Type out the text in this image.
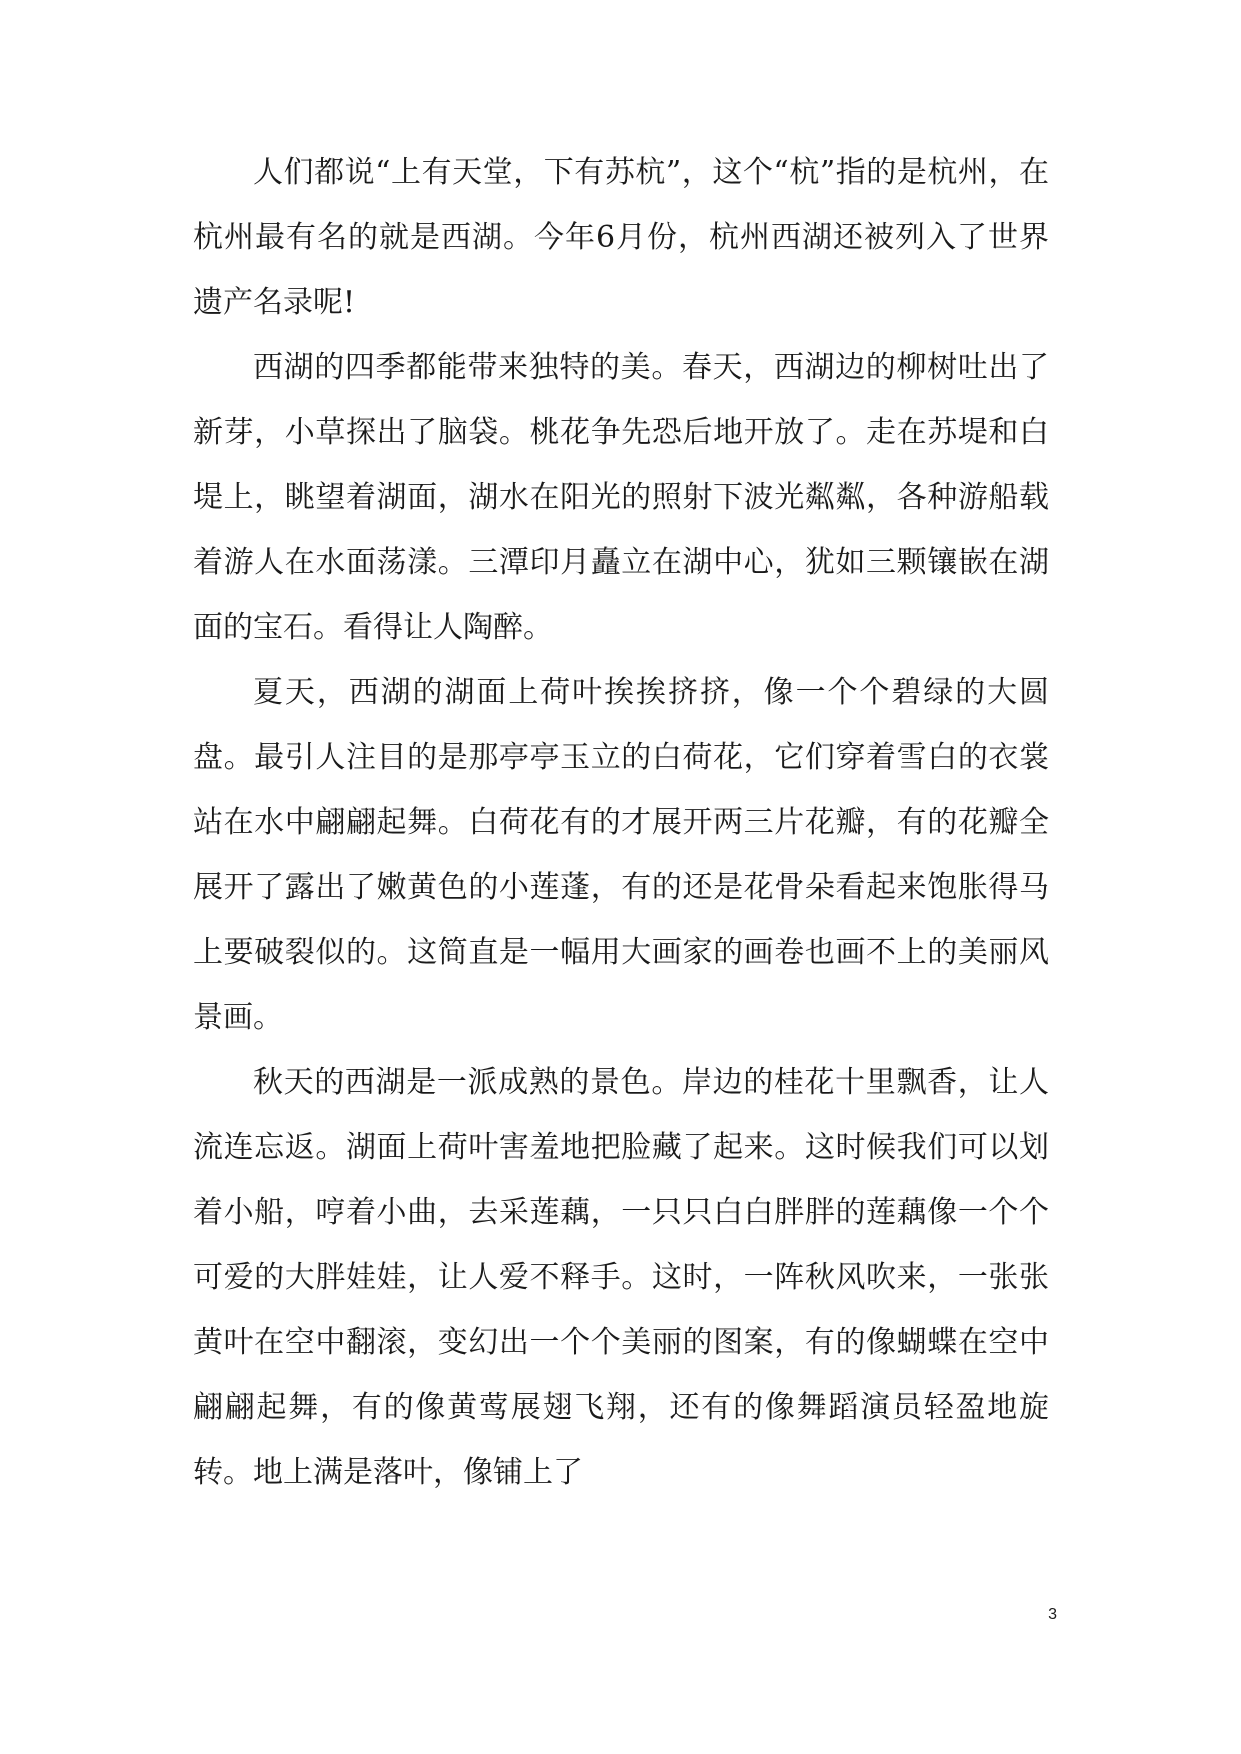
人们都说“上有天堂，下有苏杭”，这个“杭”指的是杭州，在杭州最有名的就是西湖。今年6月份，杭州西湖还被列入了世界遗产名录呢!

西湖的四季都能带来独特的美。春天，西湖边的柳树吐出了新芽，小草探出了脑袋。桃花争先恐后地开放了。走在苏堤和白堤上，眺望着湖面，湖水在阳光的照射下波光粼粼，各种游船载着游人在水面荡漾。三潭印月矗立在湖中心，犹如三颗镶嵌在湖面的宝石。看得让人陶醉。

夏天，西湖的湖面上荷叶挨挨挤挤，像一个个碧绿的大圆盘。最引人注目的是那亭亭玉立的白荷花，它们穿着雪白的衣裳站在水中翩翩起舞。白荷花有的才展开两三片花瓣，有的花瓣全展开了露出了嫩黄色的小莲蓬，有的还是花骨朵看起来饱胀得马上要破裂似的。这简直是一幅用大画家的画卷也画不上的美丽风景画。

秋天的西湖是一派成熟的景色。岸边的桂花十里飘香，让人流连忘返。湖面上荷叶害羞地把脸藏了起来。这时候我们可以划着小船，哼着小曲，去采莲藕，一只只白白胖胖的莲藕像一个个可爱的大胖娃娃，让人爱不释手。这时，一阵秋风吹来，一张张黄叶在空中翻滚，变幻出一个个美丽的图案，有的像蝴蝶在空中翩翩起舞，有的像黄莺展翅飞翔，还有的像舞蹈演员轻盈地旋转。地上满是落叶，像铺上了

3
